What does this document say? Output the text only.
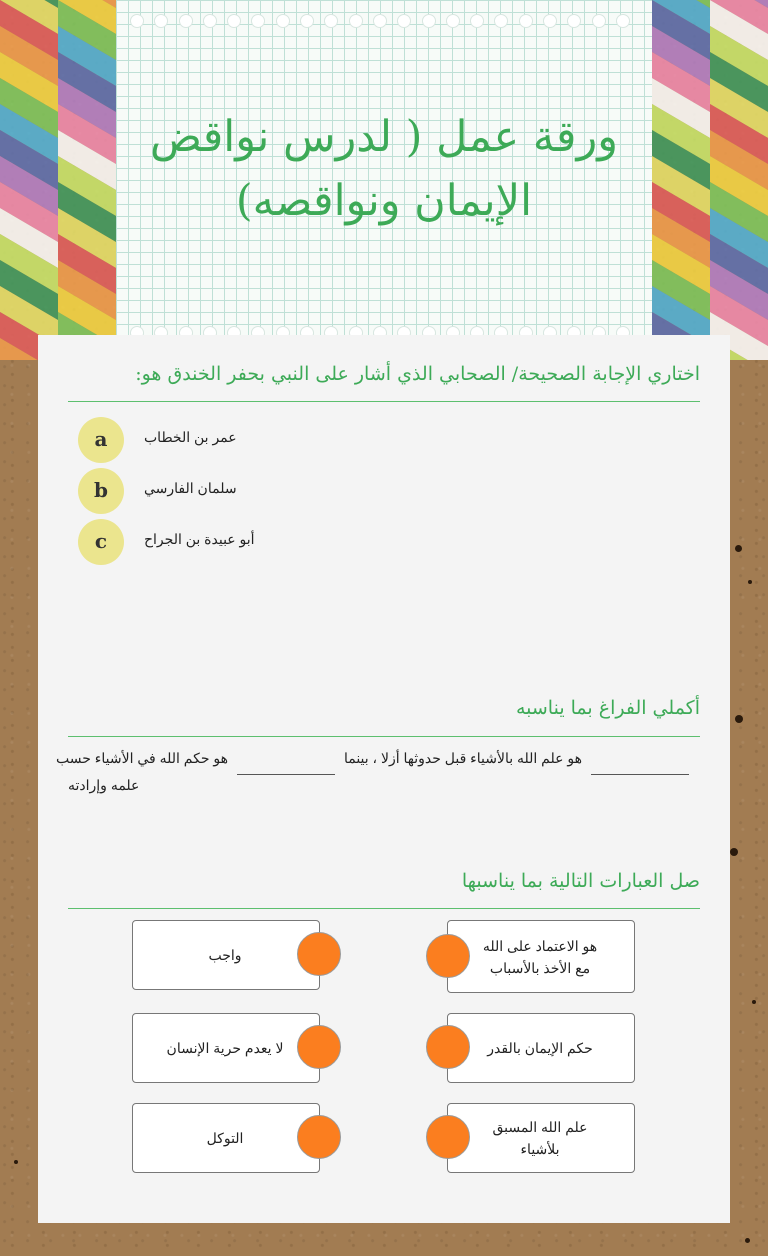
ورقة عمل ( لدرس نواقض
الإيمان ونواقصه)
اختاري الإجابة الصحيحة/ الصحابي الذي أشار على النبي بحفر الخندق هو:
a	عمر بن الخطاب
b	سلمان الفارسي
c	أبو عبيدة بن الجراح
أكملي الفراغ بما يناسبه
هو علم الله بالأشياء قبل حدوثها أزلا ، بينما
هو حكم الله في الأشياء حسب
علمه وإرادته
صل العبارات التالية بما يناسبها
هو الاعتماد على الله مع الأخذ بالأسباب
حكم الإيمان بالقدر
علم الله المسبق بلأشياء
واجب
لا يعدم حرية الإنسان
التوكل
